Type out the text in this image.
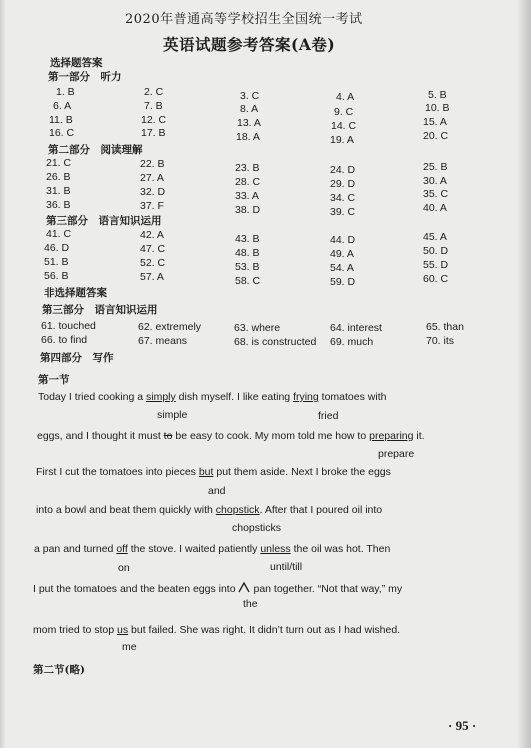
2020年普通高等学校招生全国统一考试
英语试题参考答案(A卷)
选择题答案
第一部分　听力
1. B	2. C	3. C	4. A	5. B
6. A	7. B	8. A	9. C	10. B
11. B	12. C	13. A	14. C	15. A
16. C	17. B	18. A	19. A	20. C
第二部分　阅读理解
21. C	22. B	23. B	24. D	25. B
26. B	27. A	28. C	29. D	30. A
31. B	32. D	33. A	34. C	35. C
36. B	37. F	38. D	39. C	40. A
第三部分　语言知识运用
41. C	42. A	43. B	44. D	45. A
46. D	47. C	48. B	49. A	50. D
51. B	52. C	53. B	54. A	55. D
56. B	57. A	58. C	59. D	60. C
非选择题答案
第三部分　语言知识运用
61. touched	62. extremely	63. where	64. interest	65. than
66. to find	67. means	68. is constructed 69. much	70. its
第四部分　写作
第一节
Today I tried cooking a simply dish myself. I like eating frying tomatoes with
simple	fried
eggs, and I thought it must to be easy to cook. My mom told me how to preparing it.
prepare
First I cut the tomatoes into pieces but put them aside. Next I broke the eggs
and
into a bowl and beat them quickly with chopstick. After that I poured oil into
chopsticks
a pan and turned off the stove. I waited patiently unless the oil was hot. Then
on	until/till
I put the tomatoes and the beaten eggs into pan together. “Not that way,” my
the
mom tried to stop us but failed. She was right. It didn’t turn out as I had wished.
me
第二节(略)
· 95 ·
